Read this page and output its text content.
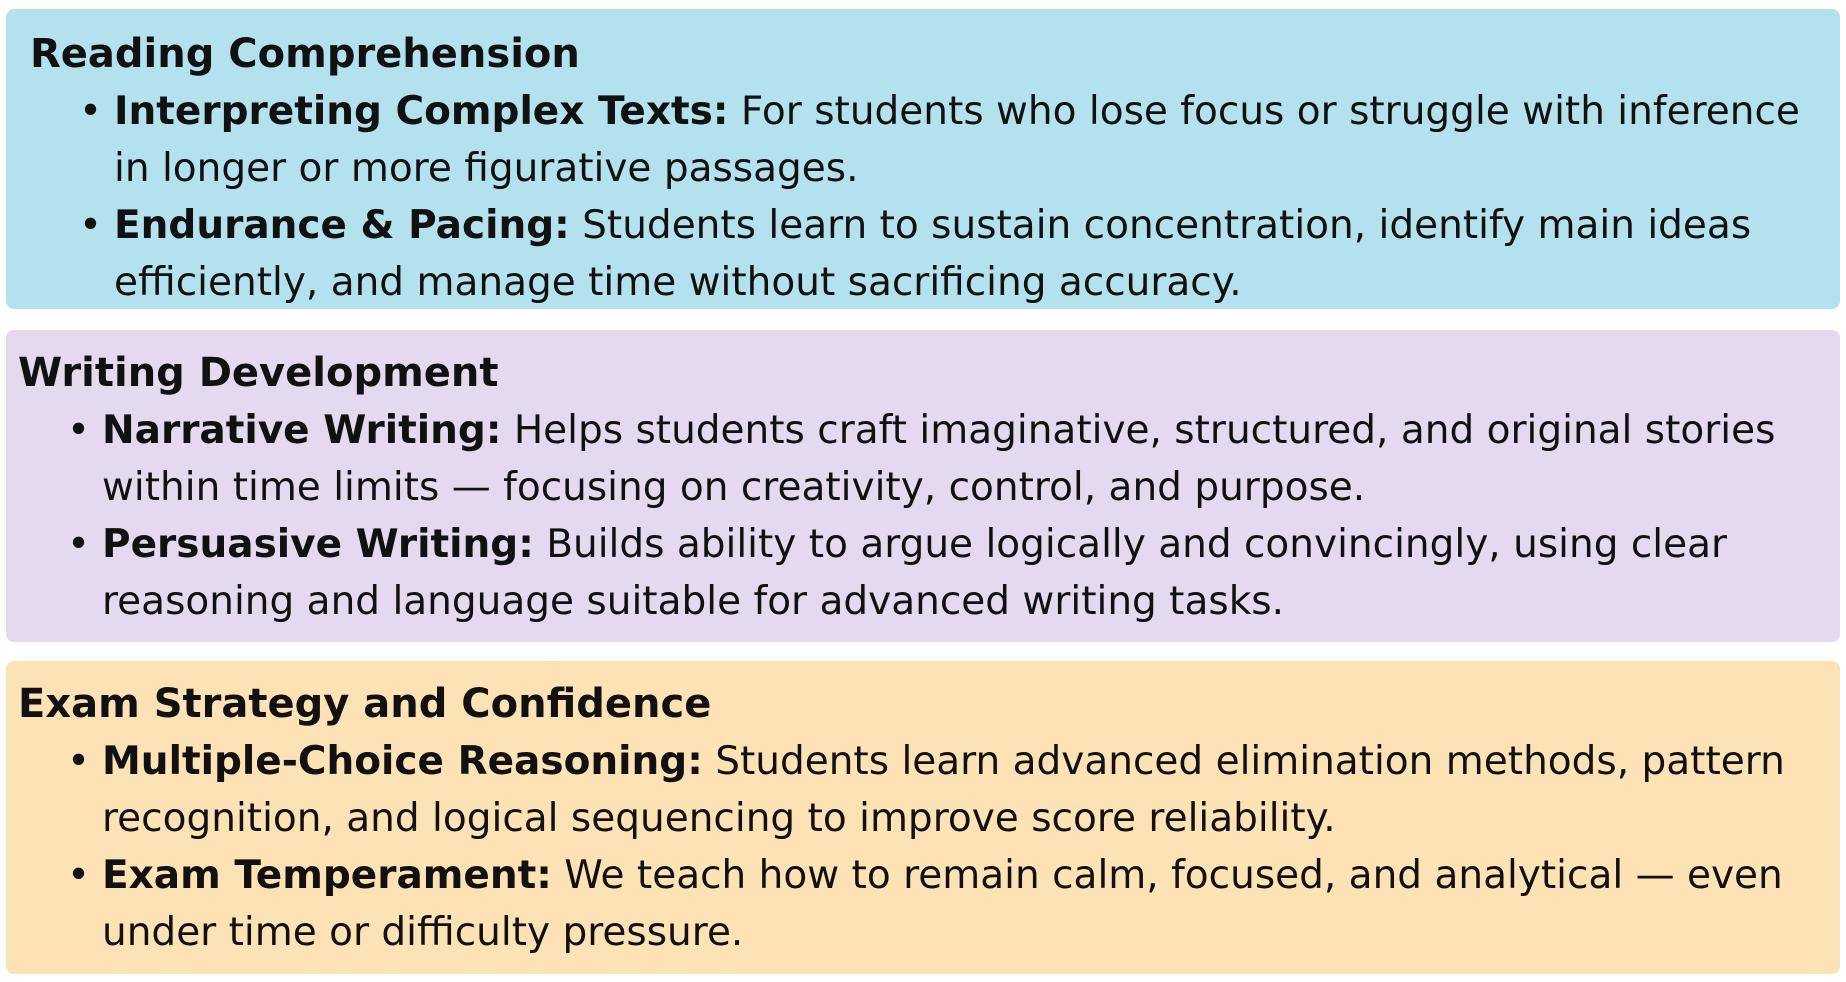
Reading Comprehension
• Interpreting Complex Texts: For students who lose focus or struggle with inference in longer or more figurative passages.
• Endurance & Pacing: Students learn to sustain concentration, identify main ideas efficiently, and manage time without sacrificing accuracy.
Writing Development
• Narrative Writing: Helps students craft imaginative, structured, and original stories within time limits — focusing on creativity, control, and purpose.
• Persuasive Writing: Builds ability to argue logically and convincingly, using clear reasoning and language suitable for advanced writing tasks.
Exam Strategy and Confidence
• Multiple-Choice Reasoning: Students learn advanced elimination methods, pattern recognition, and logical sequencing to improve score reliability.
• Exam Temperament: We teach how to remain calm, focused, and analytical — even under time or difficulty pressure.
